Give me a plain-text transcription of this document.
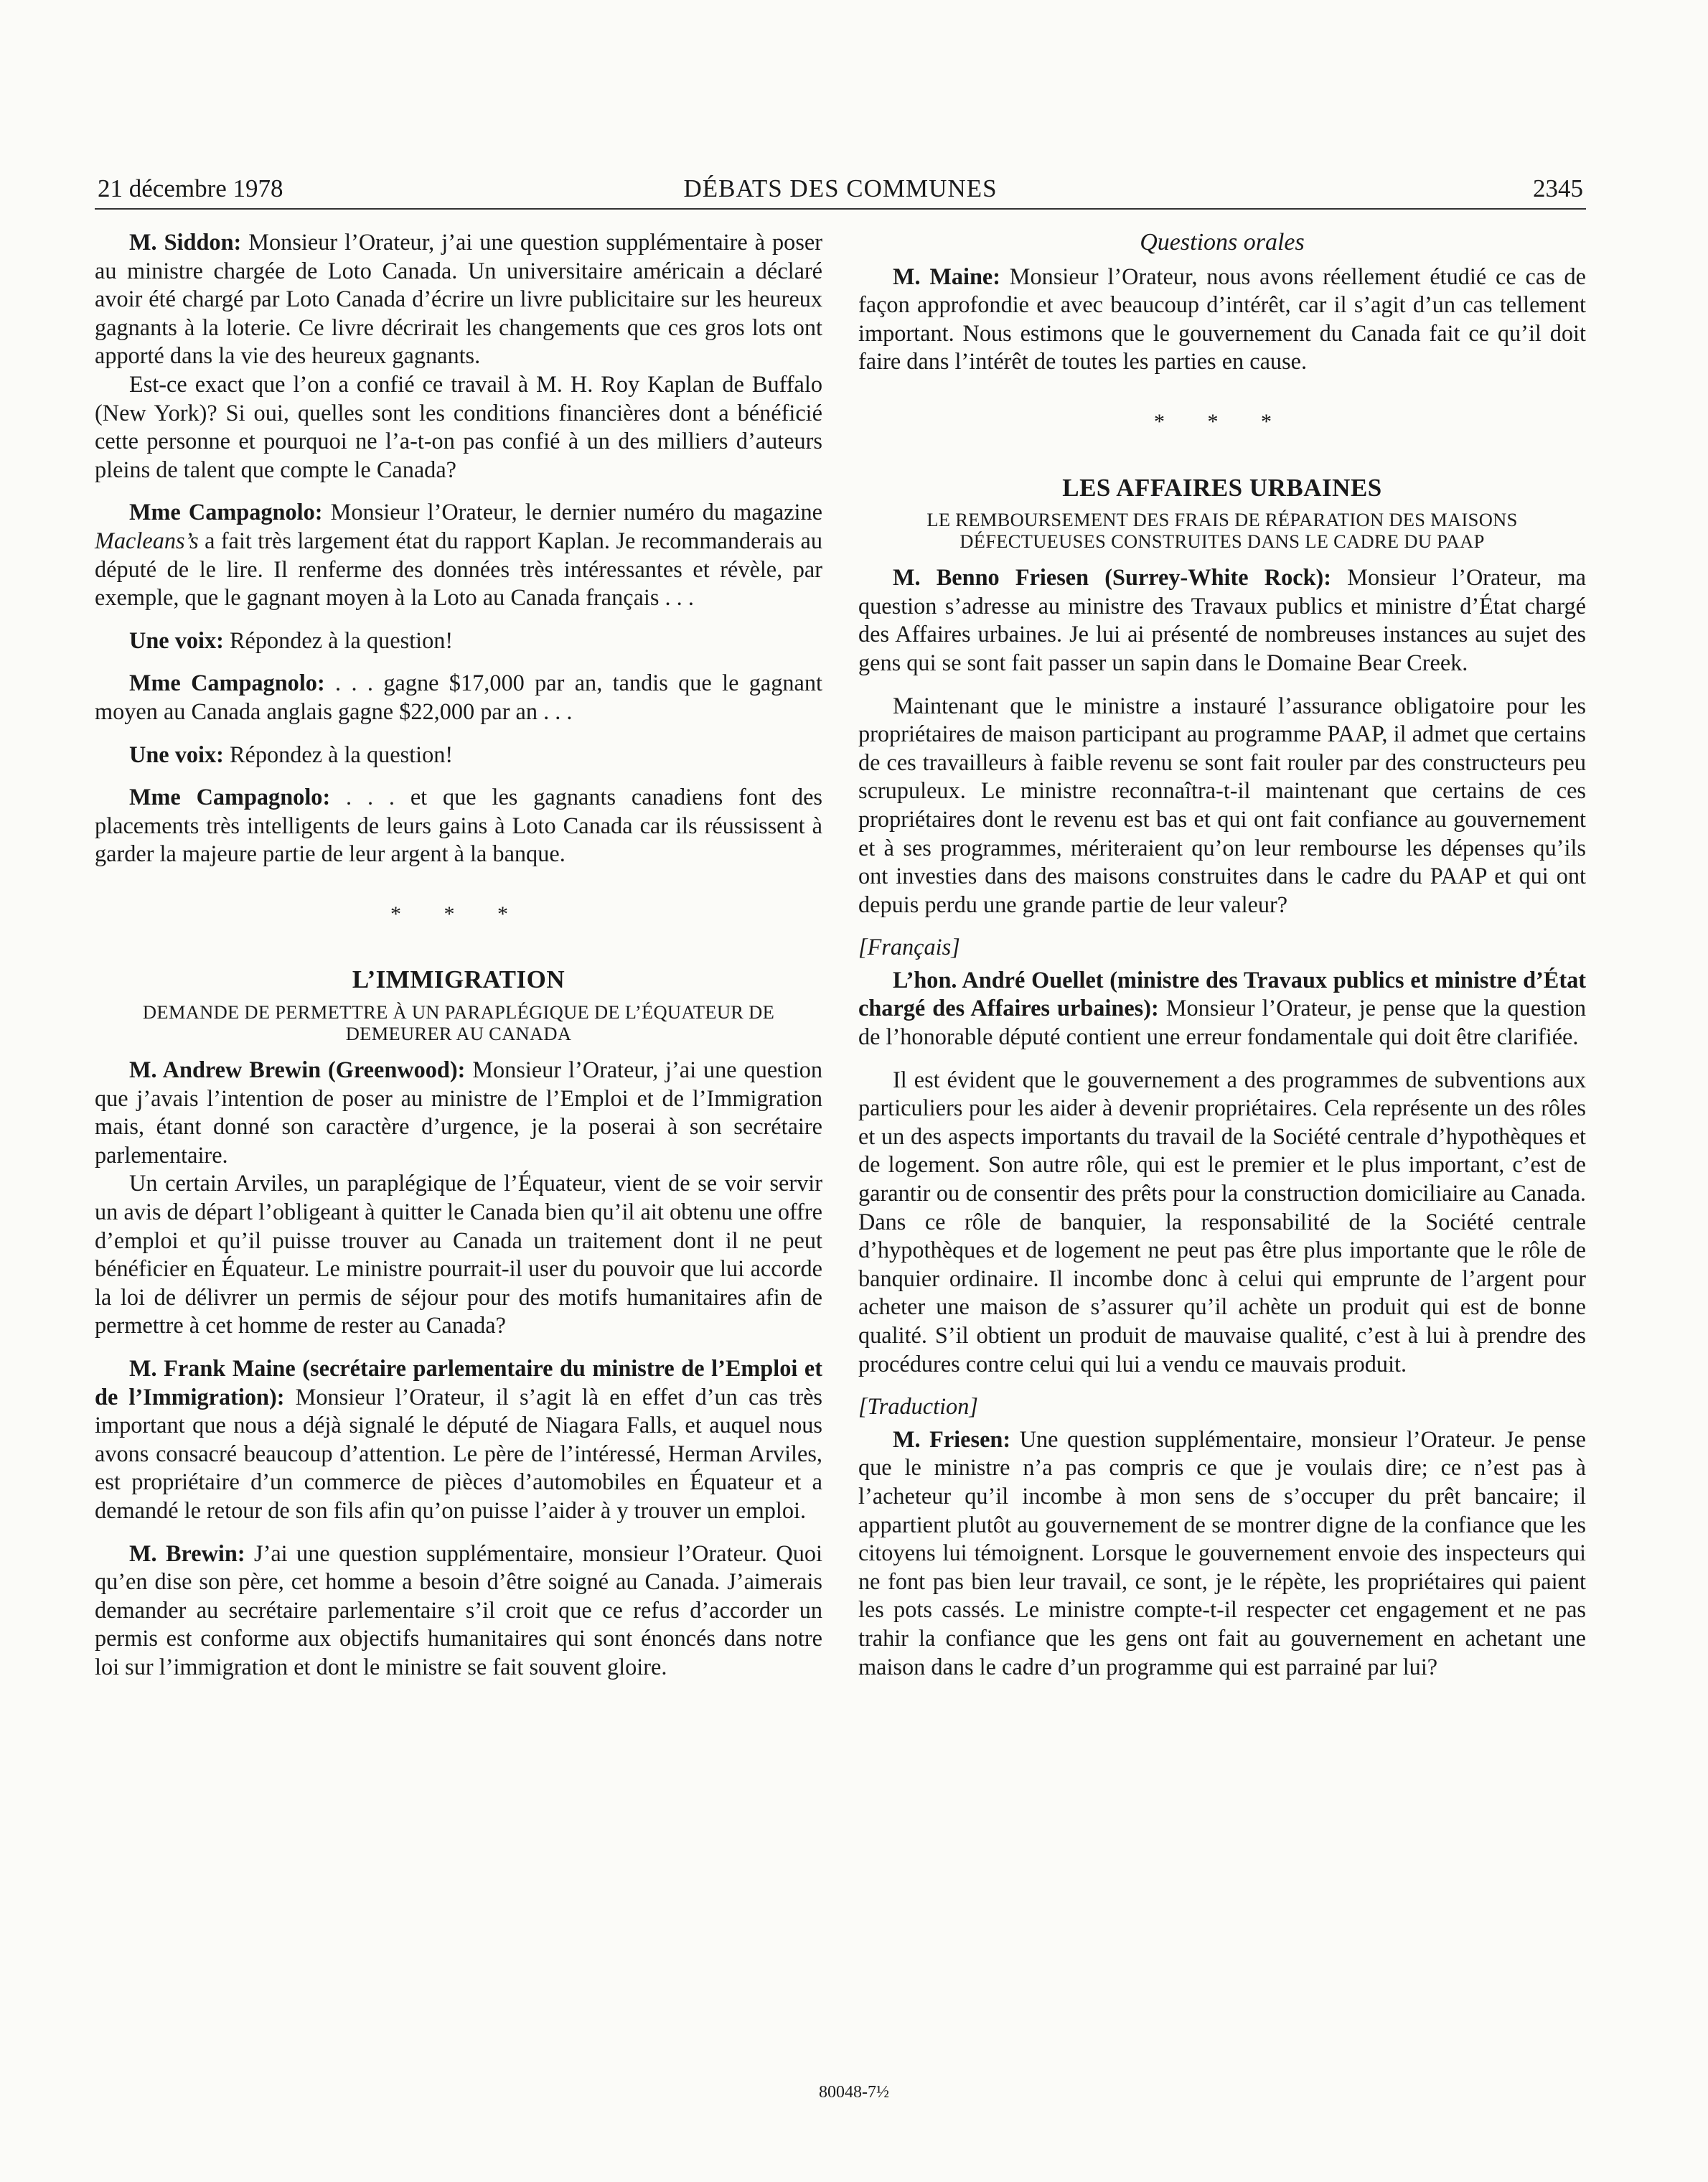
21 décembre 1978	DÉBATS DES COMMUNES	2345

M. Siddon: Monsieur l’Orateur, j’ai une question supplémentaire à poser au ministre chargée de Loto Canada. Un universitaire américain a déclaré avoir été chargé par Loto Canada d’écrire un livre publicitaire sur les heureux gagnants à la loterie. Ce livre décrirait les changements que ces gros lots ont apporté dans la vie des heureux gagnants.

Est-ce exact que l’on a confié ce travail à M. H. Roy Kaplan de Buffalo (New York)? Si oui, quelles sont les conditions financières dont a bénéficié cette personne et pourquoi ne l’a-t-on pas confié à un des milliers d’auteurs pleins de talent que compte le Canada?

Mme Campagnolo: Monsieur l’Orateur, le dernier numéro du magazine Macleans’s a fait très largement état du rapport Kaplan. Je recommanderais au député de le lire. Il renferme des données très intéressantes et révèle, par exemple, que le gagnant moyen à la Loto au Canada français . . .

Une voix: Répondez à la question!

Mme Campagnolo: . . . gagne $17,000 par an, tandis que le gagnant moyen au Canada anglais gagne $22,000 par an . . .

Une voix: Répondez à la question!

Mme Campagnolo: . . . et que les gagnants canadiens font des placements très intelligents de leurs gains à Loto Canada car ils réussissent à garder la majeure partie de leur argent à la banque.

* * *
L’IMMIGRATION
DEMANDE DE PERMETTRE À UN PARAPLÉGIQUE DE L’ÉQUATEUR DE DEMEURER AU CANADA

M. Andrew Brewin (Greenwood): Monsieur l’Orateur, j’ai une question que j’avais l’intention de poser au ministre de l’Emploi et de l’Immigration mais, étant donné son caractère d’urgence, je la poserai à son secrétaire parlementaire.

Un certain Arviles, un paraplégique de l’Équateur, vient de se voir servir un avis de départ l’obligeant à quitter le Canada bien qu’il ait obtenu une offre d’emploi et qu’il puisse trouver au Canada un traitement dont il ne peut bénéficier en Équateur. Le ministre pourrait-il user du pouvoir que lui accorde la loi de délivrer un permis de séjour pour des motifs humanitaires afin de permettre à cet homme de rester au Canada?

M. Frank Maine (secrétaire parlementaire du ministre de l’Emploi et de l’Immigration): Monsieur l’Orateur, il s’agit là en effet d’un cas très important que nous a déjà signalé le député de Niagara Falls, et auquel nous avons consacré beaucoup d’attention. Le père de l’intéressé, Herman Arviles, est propriétaire d’un commerce de pièces d’automobiles en Équateur et a demandé le retour de son fils afin qu’on puisse l’aider à y trouver un emploi.

M. Brewin: J’ai une question supplémentaire, monsieur l’Orateur. Quoi qu’en dise son père, cet homme a besoin d’être soigné au Canada. J’aimerais demander au secrétaire parlementaire s’il croit que ce refus d’accorder un permis est conforme aux objectifs humanitaires qui sont énoncés dans notre loi sur l’immigration et dont le ministre se fait souvent gloire.

Questions orales

M. Maine: Monsieur l’Orateur, nous avons réellement étudié ce cas de façon approfondie et avec beaucoup d’intérêt, car il s’agit d’un cas tellement important. Nous estimons que le gouvernement du Canada fait ce qu’il doit faire dans l’intérêt de toutes les parties en cause.

* * *
LES AFFAIRES URBAINES
LE REMBOURSEMENT DES FRAIS DE RÉPARATION DES MAISONS DÉFECTUEUSES CONSTRUITES DANS LE CADRE DU PAAP

M. Benno Friesen (Surrey-White Rock): Monsieur l’Orateur, ma question s’adresse au ministre des Travaux publics et ministre d’État chargé des Affaires urbaines. Je lui ai présenté de nombreuses instances au sujet des gens qui se sont fait passer un sapin dans le Domaine Bear Creek.

Maintenant que le ministre a instauré l’assurance obligatoire pour les propriétaires de maison participant au programme PAAP, il admet que certains de ces travailleurs à faible revenu se sont fait rouler par des constructeurs peu scrupuleux. Le ministre reconnaîtra-t-il maintenant que certains de ces propriétaires dont le revenu est bas et qui ont fait confiance au gouvernement et à ses programmes, mériteraient qu’on leur rembourse les dépenses qu’ils ont investies dans des maisons construites dans le cadre du PAAP et qui ont depuis perdu une grande partie de leur valeur?

[Français]

L’hon. André Ouellet (ministre des Travaux publics et ministre d’État chargé des Affaires urbaines): Monsieur l’Orateur, je pense que la question de l’honorable député contient une erreur fondamentale qui doit être clarifiée.

Il est évident que le gouvernement a des programmes de subventions aux particuliers pour les aider à devenir propriétaires. Cela représente un des rôles et un des aspects importants du travail de la Société centrale d’hypothèques et de logement. Son autre rôle, qui est le premier et le plus important, c’est de garantir ou de consentir des prêts pour la construction domiciliaire au Canada. Dans ce rôle de banquier, la responsabilité de la Société centrale d’hypothèques et de logement ne peut pas être plus importante que le rôle de banquier ordinaire. Il incombe donc à celui qui emprunte de l’argent pour acheter une maison de s’assurer qu’il achète un produit qui est de bonne qualité. S’il obtient un produit de mauvaise qualité, c’est à lui à prendre des procédures contre celui qui lui a vendu ce mauvais produit.

[Traduction]

M. Friesen: Une question supplémentaire, monsieur l’Orateur. Je pense que le ministre n’a pas compris ce que je voulais dire; ce n’est pas à l’acheteur qu’il incombe à mon sens de s’occuper du prêt bancaire; il appartient plutôt au gouvernement de se montrer digne de la confiance que les citoyens lui témoignent. Lorsque le gouvernement envoie des inspecteurs qui ne font pas bien leur travail, ce sont, je le répète, les propriétaires qui paient les pots cassés. Le ministre compte-t-il respecter cet engagement et ne pas trahir la confiance que les gens ont fait au gouvernement en achetant une maison dans le cadre d’un programme qui est parrainé par lui?

80048-7½
